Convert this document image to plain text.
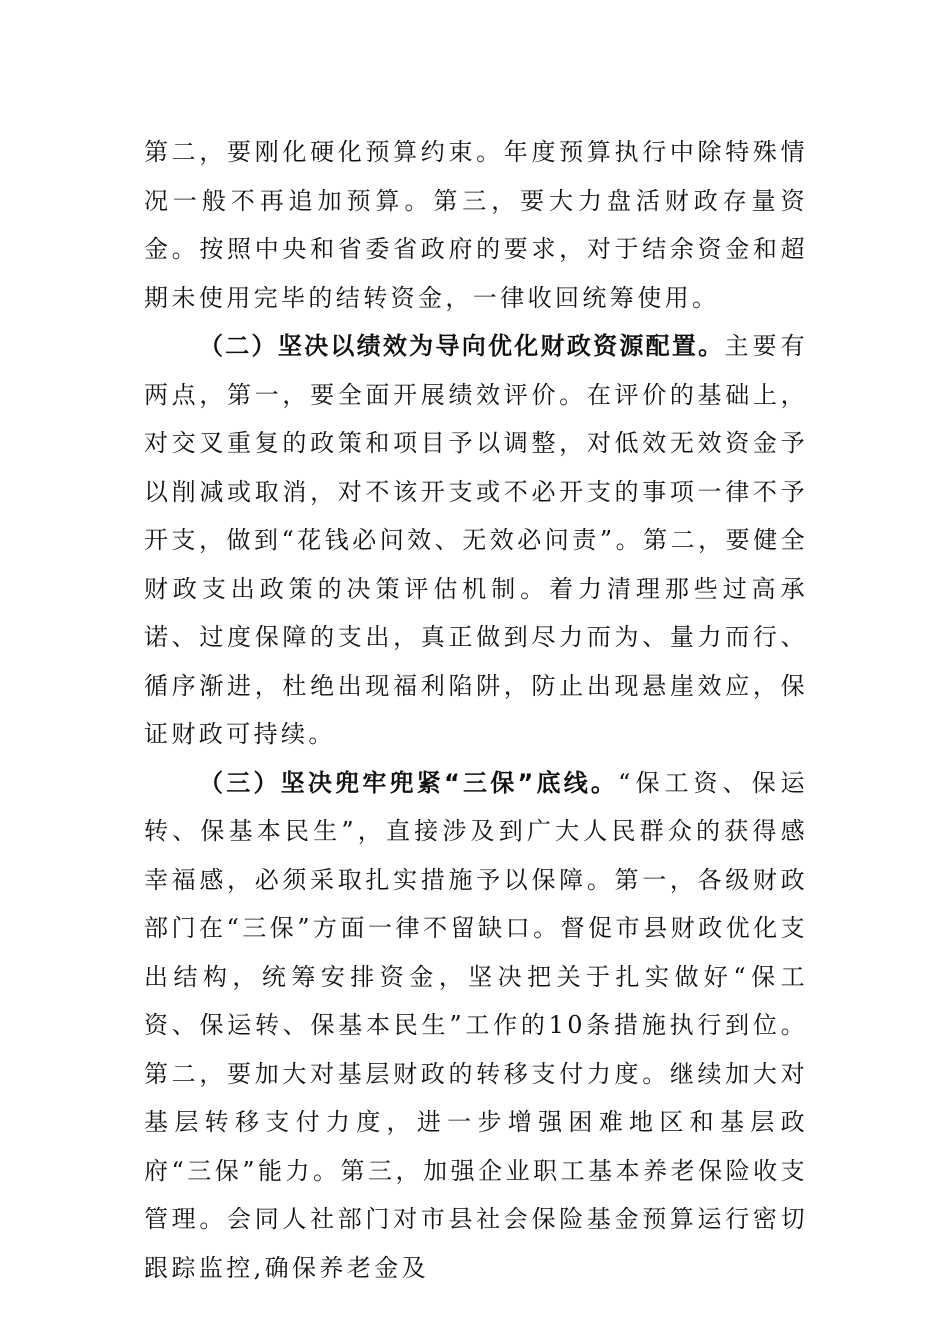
第二，要刚化硬化预算约束。年度预算执行中除特殊情况一般不再追加预算。第三，要大力盘活财政存量资金。按照中央和省委省政府的要求，对于结余资金和超期未使用完毕的结转资金，一律收回统筹使用。

（二）坚决以绩效为导向优化财政资源配置。主要有两点，第一，要全面开展绩效评价。在评价的基础上，对交叉重复的政策和项目予以调整，对低效无效资金予以削减或取消，对不该开支或不必开支的事项一律不予开支，做到“花钱必问效、无效必问责”。第二，要健全财政支出政策的决策评估机制。着力清理那些过高承诺、过度保障的支出，真正做到尽力而为、量力而行、循序渐进，杜绝出现福利陷阱，防止出现悬崖效应，保证财政可持续。

（三）坚决兜牢兜紧“三保”底线。“保工资、保运转、保基本民生”，直接涉及到广大人民群众的获得感幸福感，必须采取扎实措施予以保障。第一，各级财政部门在“三保”方面一律不留缺口。督促市县财政优化支出结构，统筹安排资金，坚决把关于扎实做好“保工资、保运转、保基本民生”工作的10条措施执行到位。第二，要加大对基层财政的转移支付力度。继续加大对基层转移支付力度，进一步增强困难地区和基层政府“三保”能力。第三，加强企业职工基本养老保险收支管理。会同人社部门对市县社会保险基金预算运行密切跟踪监控,确保养老金及
